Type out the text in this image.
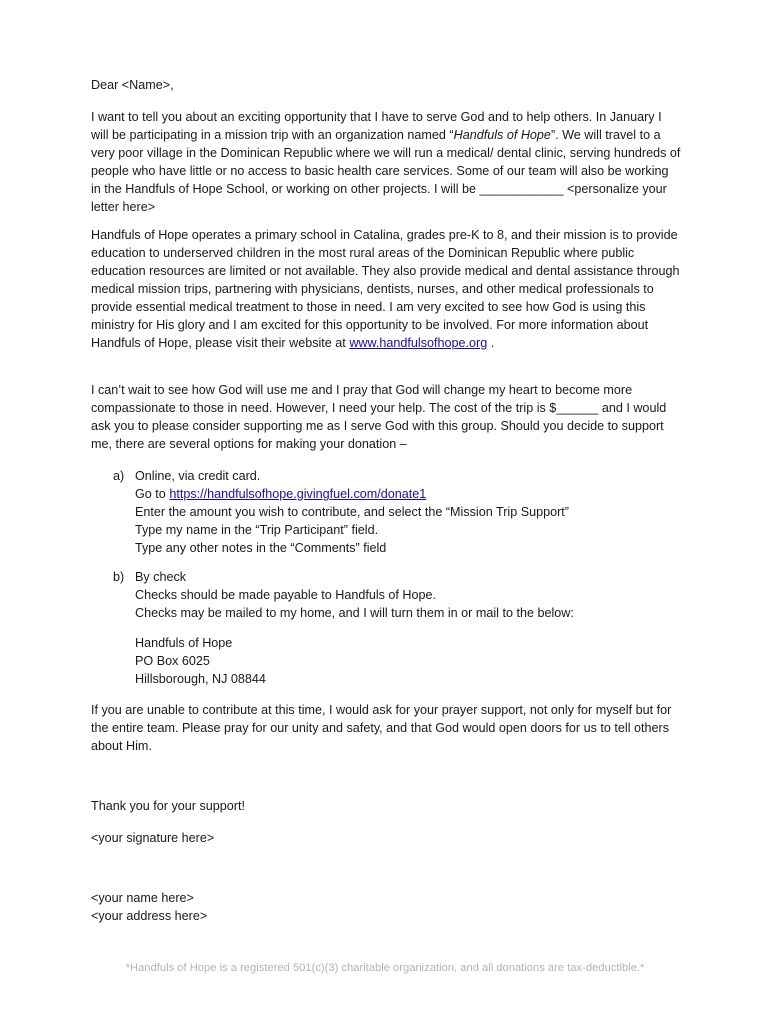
Dear <Name>,

I want to tell you about an exciting opportunity that I have to serve God and to help others. In January I will be participating in a mission trip with an organization named “Handfuls of Hope”. We will travel to a very poor village in the Dominican Republic where we will run a medical/ dental clinic, serving hundreds of people who have little or no access to basic health care services. Some of our team will also be working in the Handfuls of Hope School, or working on other projects. I will be ____________ <personalize your letter here>

Handfuls of Hope operates a primary school in Catalina, grades pre-K to 8, and their mission is to provide education to underserved children in the most rural areas of the Dominican Republic where public education resources are limited or not available. They also provide medical and dental assistance through medical mission trips, partnering with physicians, dentists, nurses, and other medical professionals to provide essential medical treatment to those in need. I am very excited to see how God is using this ministry for His glory and I am excited for this opportunity to be involved. For more information about Handfuls of Hope, please visit their website at www.handfulsofhope.org .

I can’t wait to see how God will use me and I pray that God will change my heart to become more compassionate to those in need. However, I need your help. The cost of the trip is $______ and I would ask you to please consider supporting me as I serve God with this group. Should you decide to support me, there are several options for making your donation –

a) Online, via credit card.
Go to https://handfulsofhope.givingfuel.com/donate1
Enter the amount you wish to contribute, and select the “Mission Trip Support”
Type my name in the “Trip Participant” field.
Type any other notes in the “Comments” field
b) By check
Checks should be made payable to Handfuls of Hope.
Checks may be mailed to my home, and I will turn them in or mail to the below:
Handfuls of Hope
PO Box 6025
Hillsborough, NJ 08844

If you are unable to contribute at this time, I would ask for your prayer support, not only for myself but for the entire team. Please pray for our unity and safety, and that God would open doors for us to tell others about Him.

Thank you for your support!

<your signature here>

<your name here>

<your address here>

*Handfuls of Hope is a registered 501(c)(3) charitable organization, and all donations are tax-deductible.*
